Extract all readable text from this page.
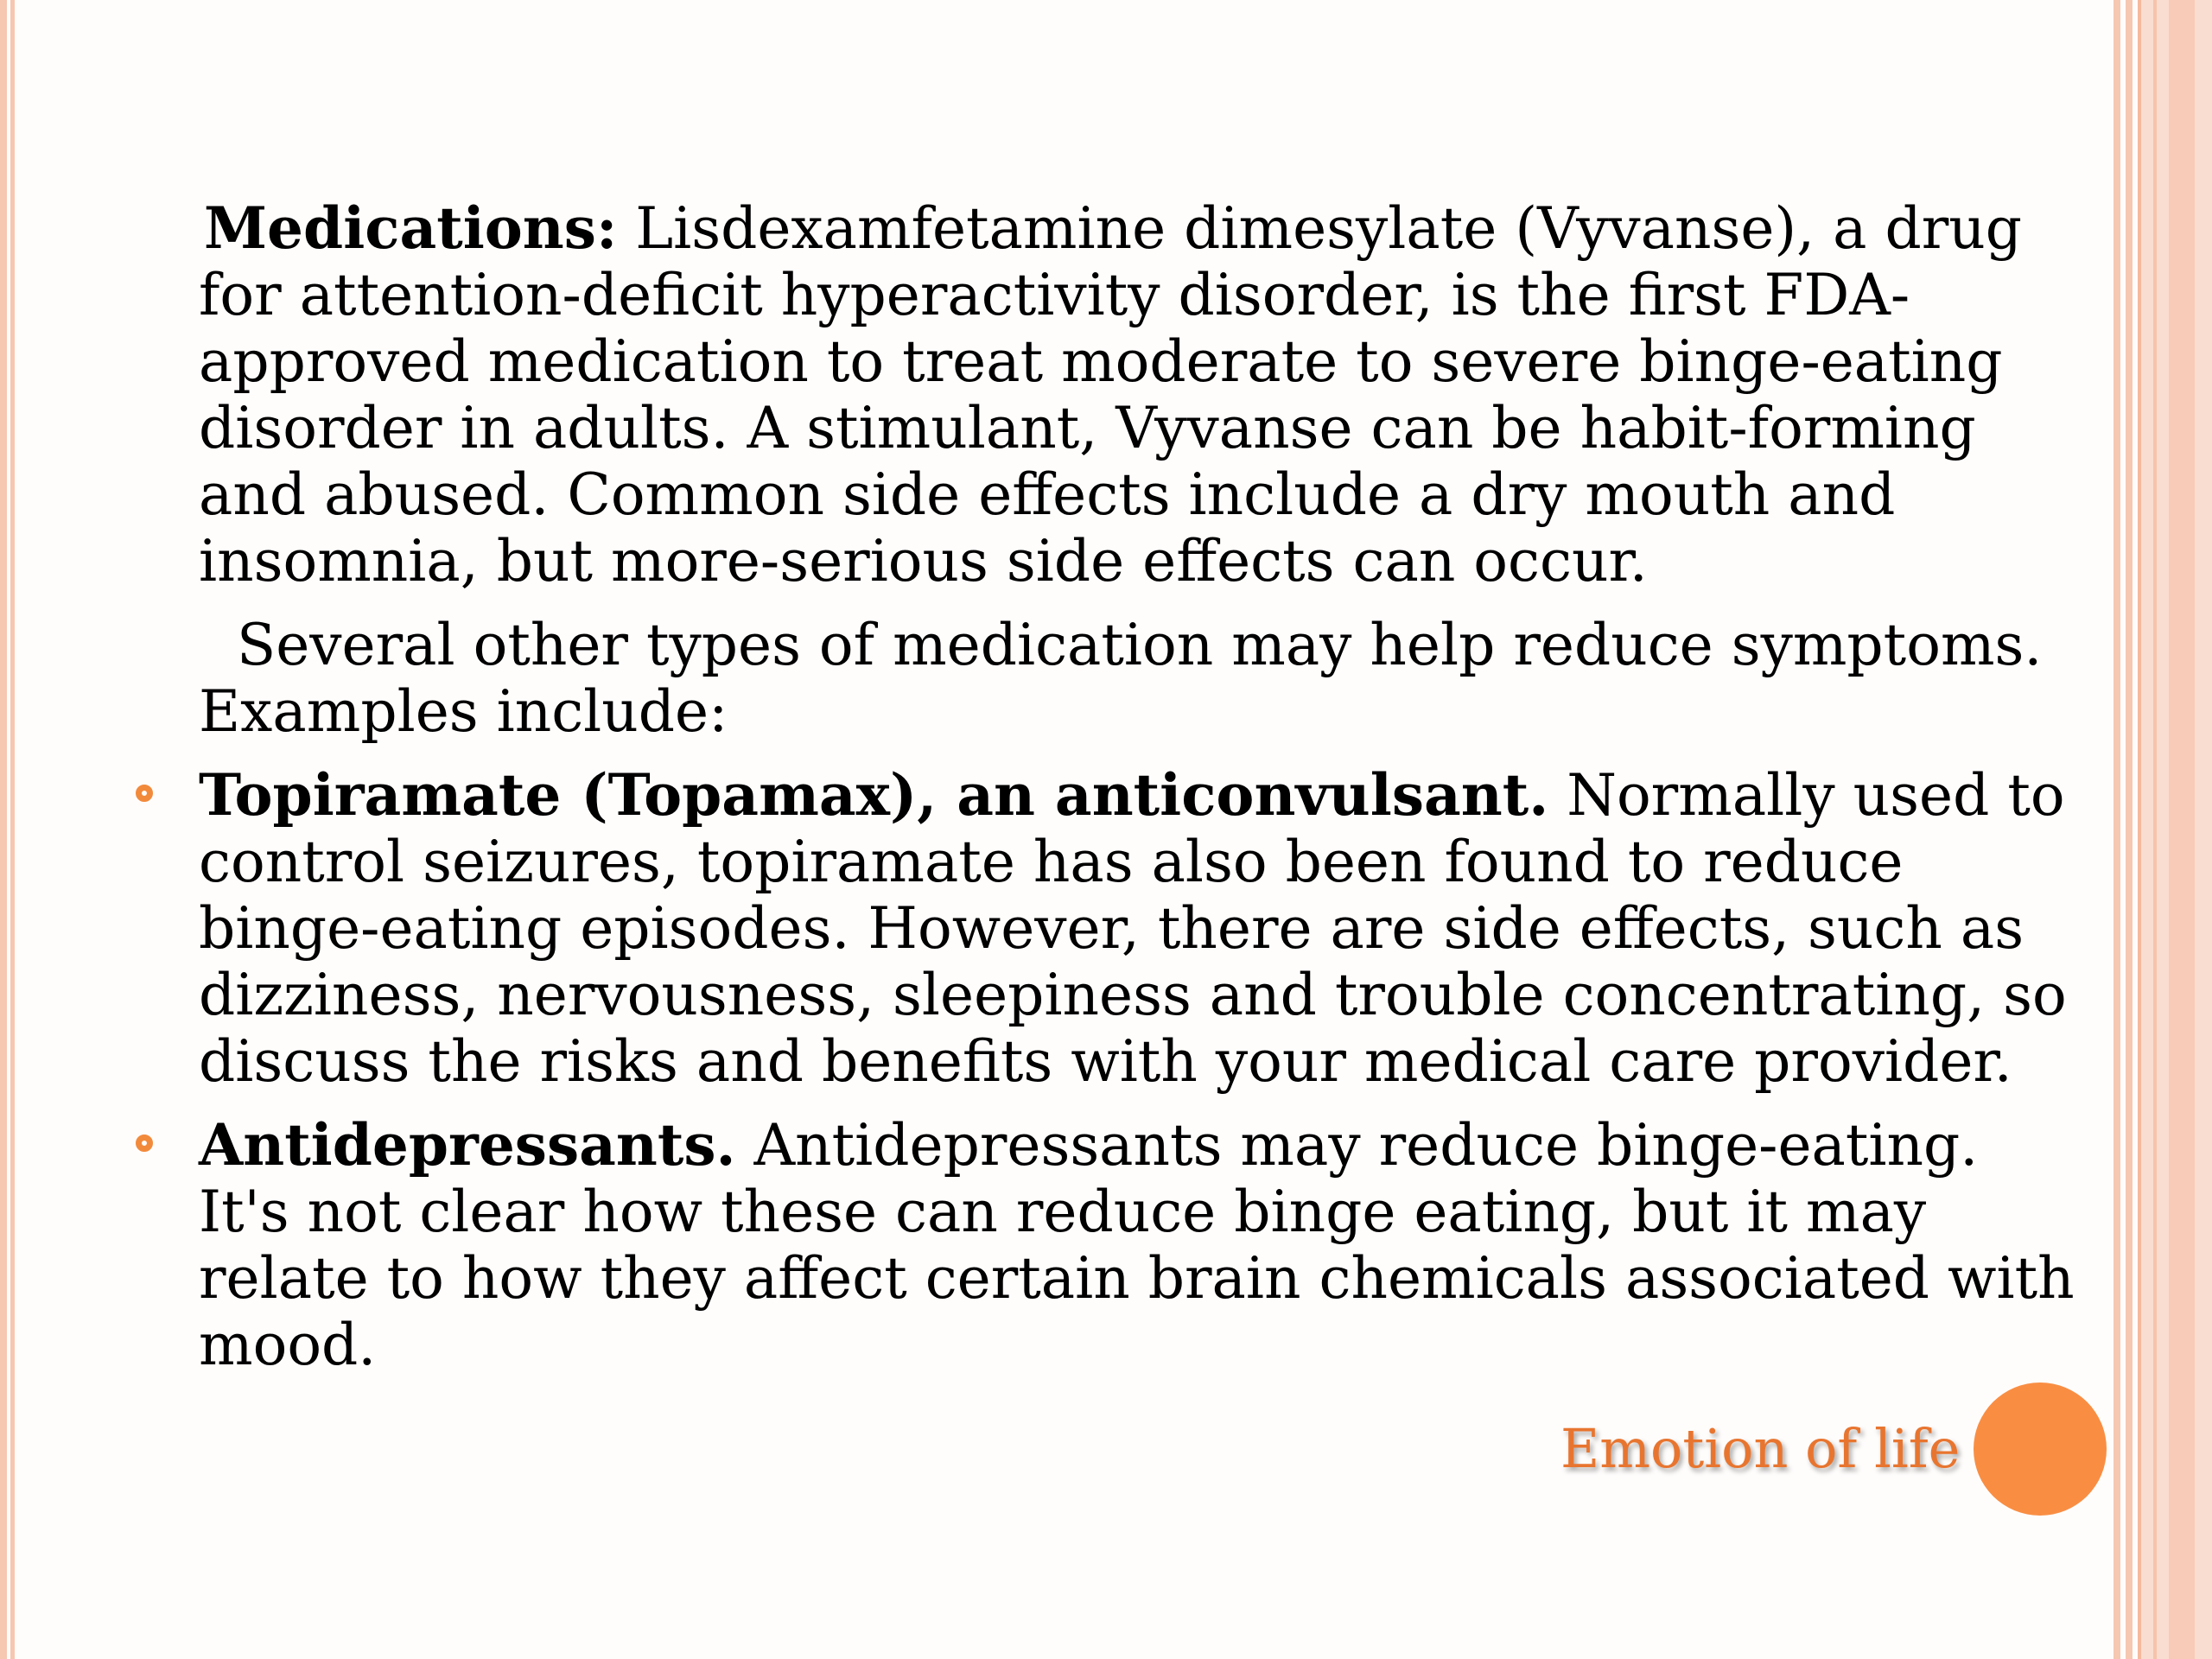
Medications: Lisdexamfetamine dimesylate (Vyvanse), a drug for attention-deficit hyperactivity disorder, is the first FDA-approved medication to treat moderate to severe binge-eating disorder in adults. A stimulant, Vyvanse can be habit-forming and abused. Common side effects include a dry mouth and insomnia, but more-serious side effects can occur.

Several other types of medication may help reduce symptoms. Examples include:

Topiramate (Topamax), an anticonvulsant. Normally used to control seizures, topiramate has also been found to reduce binge-eating episodes. However, there are side effects, such as dizziness, nervousness, sleepiness and trouble concentrating, so discuss the risks and benefits with your medical care provider.

Antidepressants. Antidepressants may reduce binge-eating. It's not clear how these can reduce binge eating, but it may relate to how they affect certain brain chemicals associated with mood.

Emotion of life
